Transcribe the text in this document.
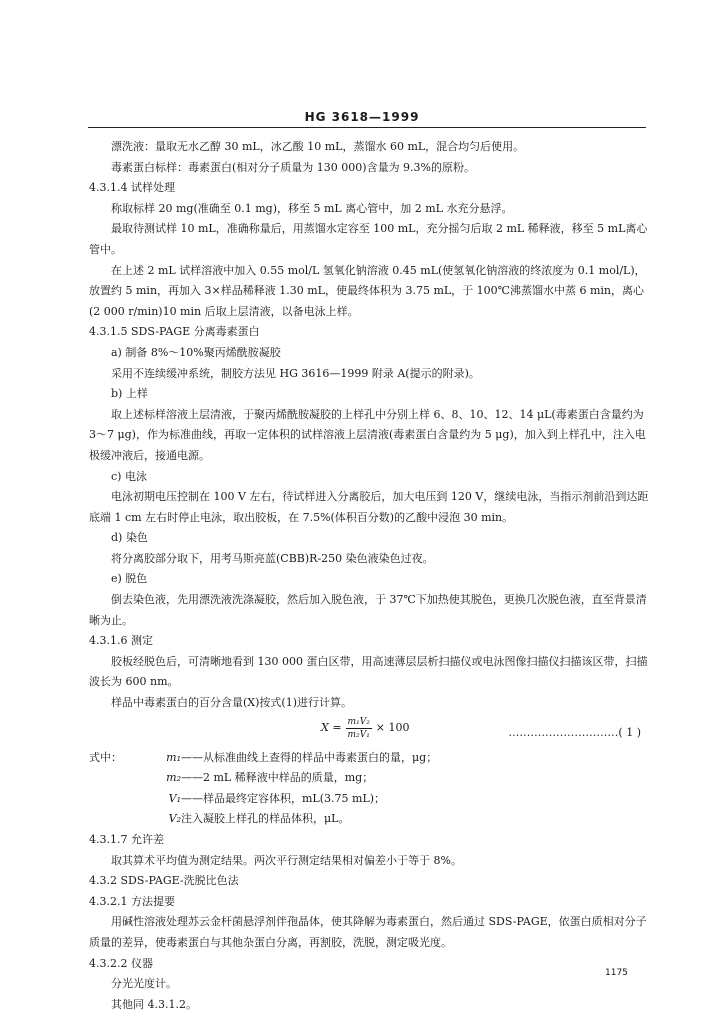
HG 3618—1999

漂洗液：量取无水乙醇 30 mL，冰乙酸 10 mL，蒸馏水 60 mL，混合均匀后使用。

毒素蛋白标样：毒素蛋白(相对分子质量为 130 000)含量为 9.3%的原粉。

4.3.1.4 试样处理

称取标样 20 mg(准确至 0.1 mg)，移至 5 mL 离心管中，加 2 mL 水充分悬浮。

最取待测试样 10 mL，准确称量后，用蒸馏水定容至 100 mL，充分摇匀后取 2 mL 稀释液，移至 5 mL离心管中。

在上述 2 mL 试样溶液中加入 0.55 mol/L 氢氧化钠溶液 0.45 mL(使氢氧化钠溶液的终浓度为 0.1 mol/L)，放置约 5 min，再加入 3×样品稀释液 1.30 mL，使最终体积为 3.75 mL，于 100℃沸蒸馏水中蒸 6 min，离心(2 000 r/min)10 min 后取上层清液，以备电泳上样。

4.3.1.5 SDS-PAGE 分离毒素蛋白

a) 制备 8%～10%聚丙烯酰胺凝胶

采用不连续缓冲系统，制胶方法见 HG 3616—1999 附录 A(提示的附录)。

b) 上样

取上述标样溶液上层清液，于聚丙烯酰胺凝胶的上样孔中分别上样 6、8、10、12、14 μL(毒素蛋白含量约为 3～7 μg)，作为标准曲线，再取一定体积的试样溶液上层清液(毒素蛋白含量约为 5 μg)，加入到上样孔中，注入电极缓冲液后，接通电源。

c) 电泳

电泳初期电压控制在 100 V 左右，待试样进入分离胶后，加大电压到 120 V，继续电泳，当指示剂前沿到达距底端 1 cm 左右时停止电泳，取出胶板，在 7.5%(体积百分数)的乙酸中浸泡 30 min。

d) 染色

将分离胶部分取下，用考马斯亮蓝(CBB)R-250 染色液染色过夜。

e) 脱色

倒去染色液，先用漂洗液洗涤凝胶，然后加入脱色液，于 37℃下加热使其脱色，更换几次脱色液，直至背景清晰为止。

4.3.1.6 测定

胶板经脱色后，可清晰地看到 130 000 蛋白区带，用高速薄层层析扫描仪或电泳图像扫描仪扫描该区带，扫描波长为 600 nm。

样品中毒素蛋白的百分含量(X)按式(1)进行计算。

$X = \frac{\text{m₁V₂}}{\text{m₂V₁}} \times 100$	…………………………( 1 )

式中：	m₁ ——从标准曲线上查得的样品中毒素蛋白的量，μg；

m₂ ——2 mL 稀释液中样品的质量，mg；

V₁ ——样品最终定容体积，mL(3.75 mL)；

V₂ 注入凝胶上样孔的样品体积，μL。

4.3.1.7 允许差

取其算术平均值为测定结果。两次平行测定结果相对偏差小于等于 8%。

4.3.2 SDS-PAGE-洗脱比色法

4.3.2.1 方法提要

用碱性溶液处理苏云金杆菌悬浮剂伴孢晶体，使其降解为毒素蛋白，然后通过 SDS-PAGE，依蛋白质相对分子质量的差异，使毒素蛋白与其他杂蛋白分离，再割胶，洗脱，测定吸光度。

4.3.2.2 仪器

分光光度计。

其他同 4.3.1.2。

1175
